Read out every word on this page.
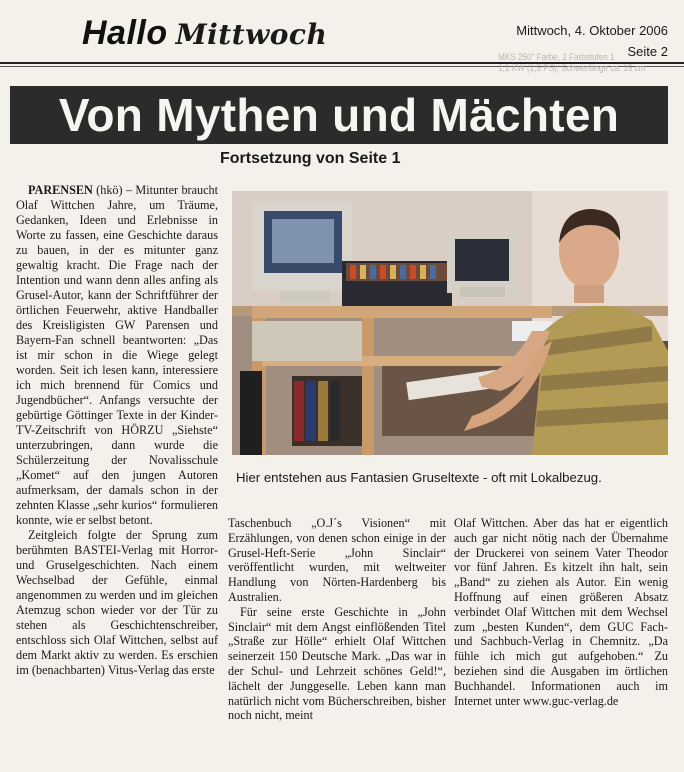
Hallo Mittwoch	Mittwoch, 4. Oktober 2006
Seite 2
MKS 250" Farbe, 2 Farbstufen 1
1,1 KW (1,5 PS), Schwerlänge ca. 15 cm
Von Mythen und Mächten
Fortsetzung von Seite 1

PARENSEN (hkö) – Mitunter braucht Olaf Wittchen Jahre, um Träume, Gedanken, Ideen und Erlebnisse in Worte zu fassen, eine Geschichte daraus zu bauen, in der es mitunter ganz gewaltig kracht. Die Frage nach der Intention und wann denn alles anfing als Grusel-Autor, kann der Schriftführer der örtlichen Feuerwehr, aktive Handballer des Kreisligisten GW Parensen und Bayern-Fan schnell beantworten: „Das ist mir schon in die Wiege gelegt worden. Seit ich lesen kann, interessiere ich mich brennend für Comics und Jugendbücher“. Anfangs versuchte der gebürtige Göttinger Texte in der Kinder-TV-Zeitschrift von HÖRZU „Siehste“ unterzubringen, dann wurde die Schülerzeitung der Novalisschule „Komet“ auf den jungen Autoren aufmerksam, der damals schon in der zehnten Klasse „sehr kurios“ formulieren konnte, wie er selbst betont.

Zeitgleich folgte der Sprung zum berühmten BASTEI-Verlag mit Horror- und Gruselgeschichten. Nach einem Wechselbad der Gefühle, einmal angenommen zu werden und im gleichen Atemzug schon wieder vor der Tür zu stehen als Geschichtenschreiber, entschloss sich Olaf Wittchen, selbst auf dem Markt aktiv zu werden. Es erschien im (benachbarten) Vitus-Verlag das erste

Hier entstehen aus Fantasien Gruseltexte - oft mit Lokalbezug.

Taschenbuch „O.J´s Visionen“ mit Erzählungen, von denen schon einige in der Grusel-Heft-Serie „John Sinclair“ veröffentlicht wurden, mit weltweiter Handlung von Nörten-Hardenberg bis Australien.

Für seine erste Geschichte in „John Sinclair“ mit dem Angst einflößenden Titel „Straße zur Hölle“ erhielt Olaf Wittchen seinerzeit 150 Deutsche Mark. „Das war in der Schul- und Lehrzeit schönes Geld!“, lächelt der Junggeselle. Leben kann man natürlich nicht vom Bücherschreiben, bisher noch nicht, meint

Olaf Wittchen. Aber das hat er eigentlich auch gar nicht nötig nach der Übernahme der Druckerei von seinem Vater Theodor vor fünf Jahren. Es kitzelt ihn halt, sein „Band“ zu ziehen als Autor. Ein wenig Hoffnung auf einen größeren Absatz verbindet Olaf Wittchen mit dem Wechsel zum „besten Kunden“, dem GUC Fach- und Sachbuch-Verlag in Chemnitz. „Da fühle ich mich gut aufgehoben.“ Zu beziehen sind die Ausgaben im örtlichen Buchhandel. Informationen auch im Internet unter www.guc-verlag.de
